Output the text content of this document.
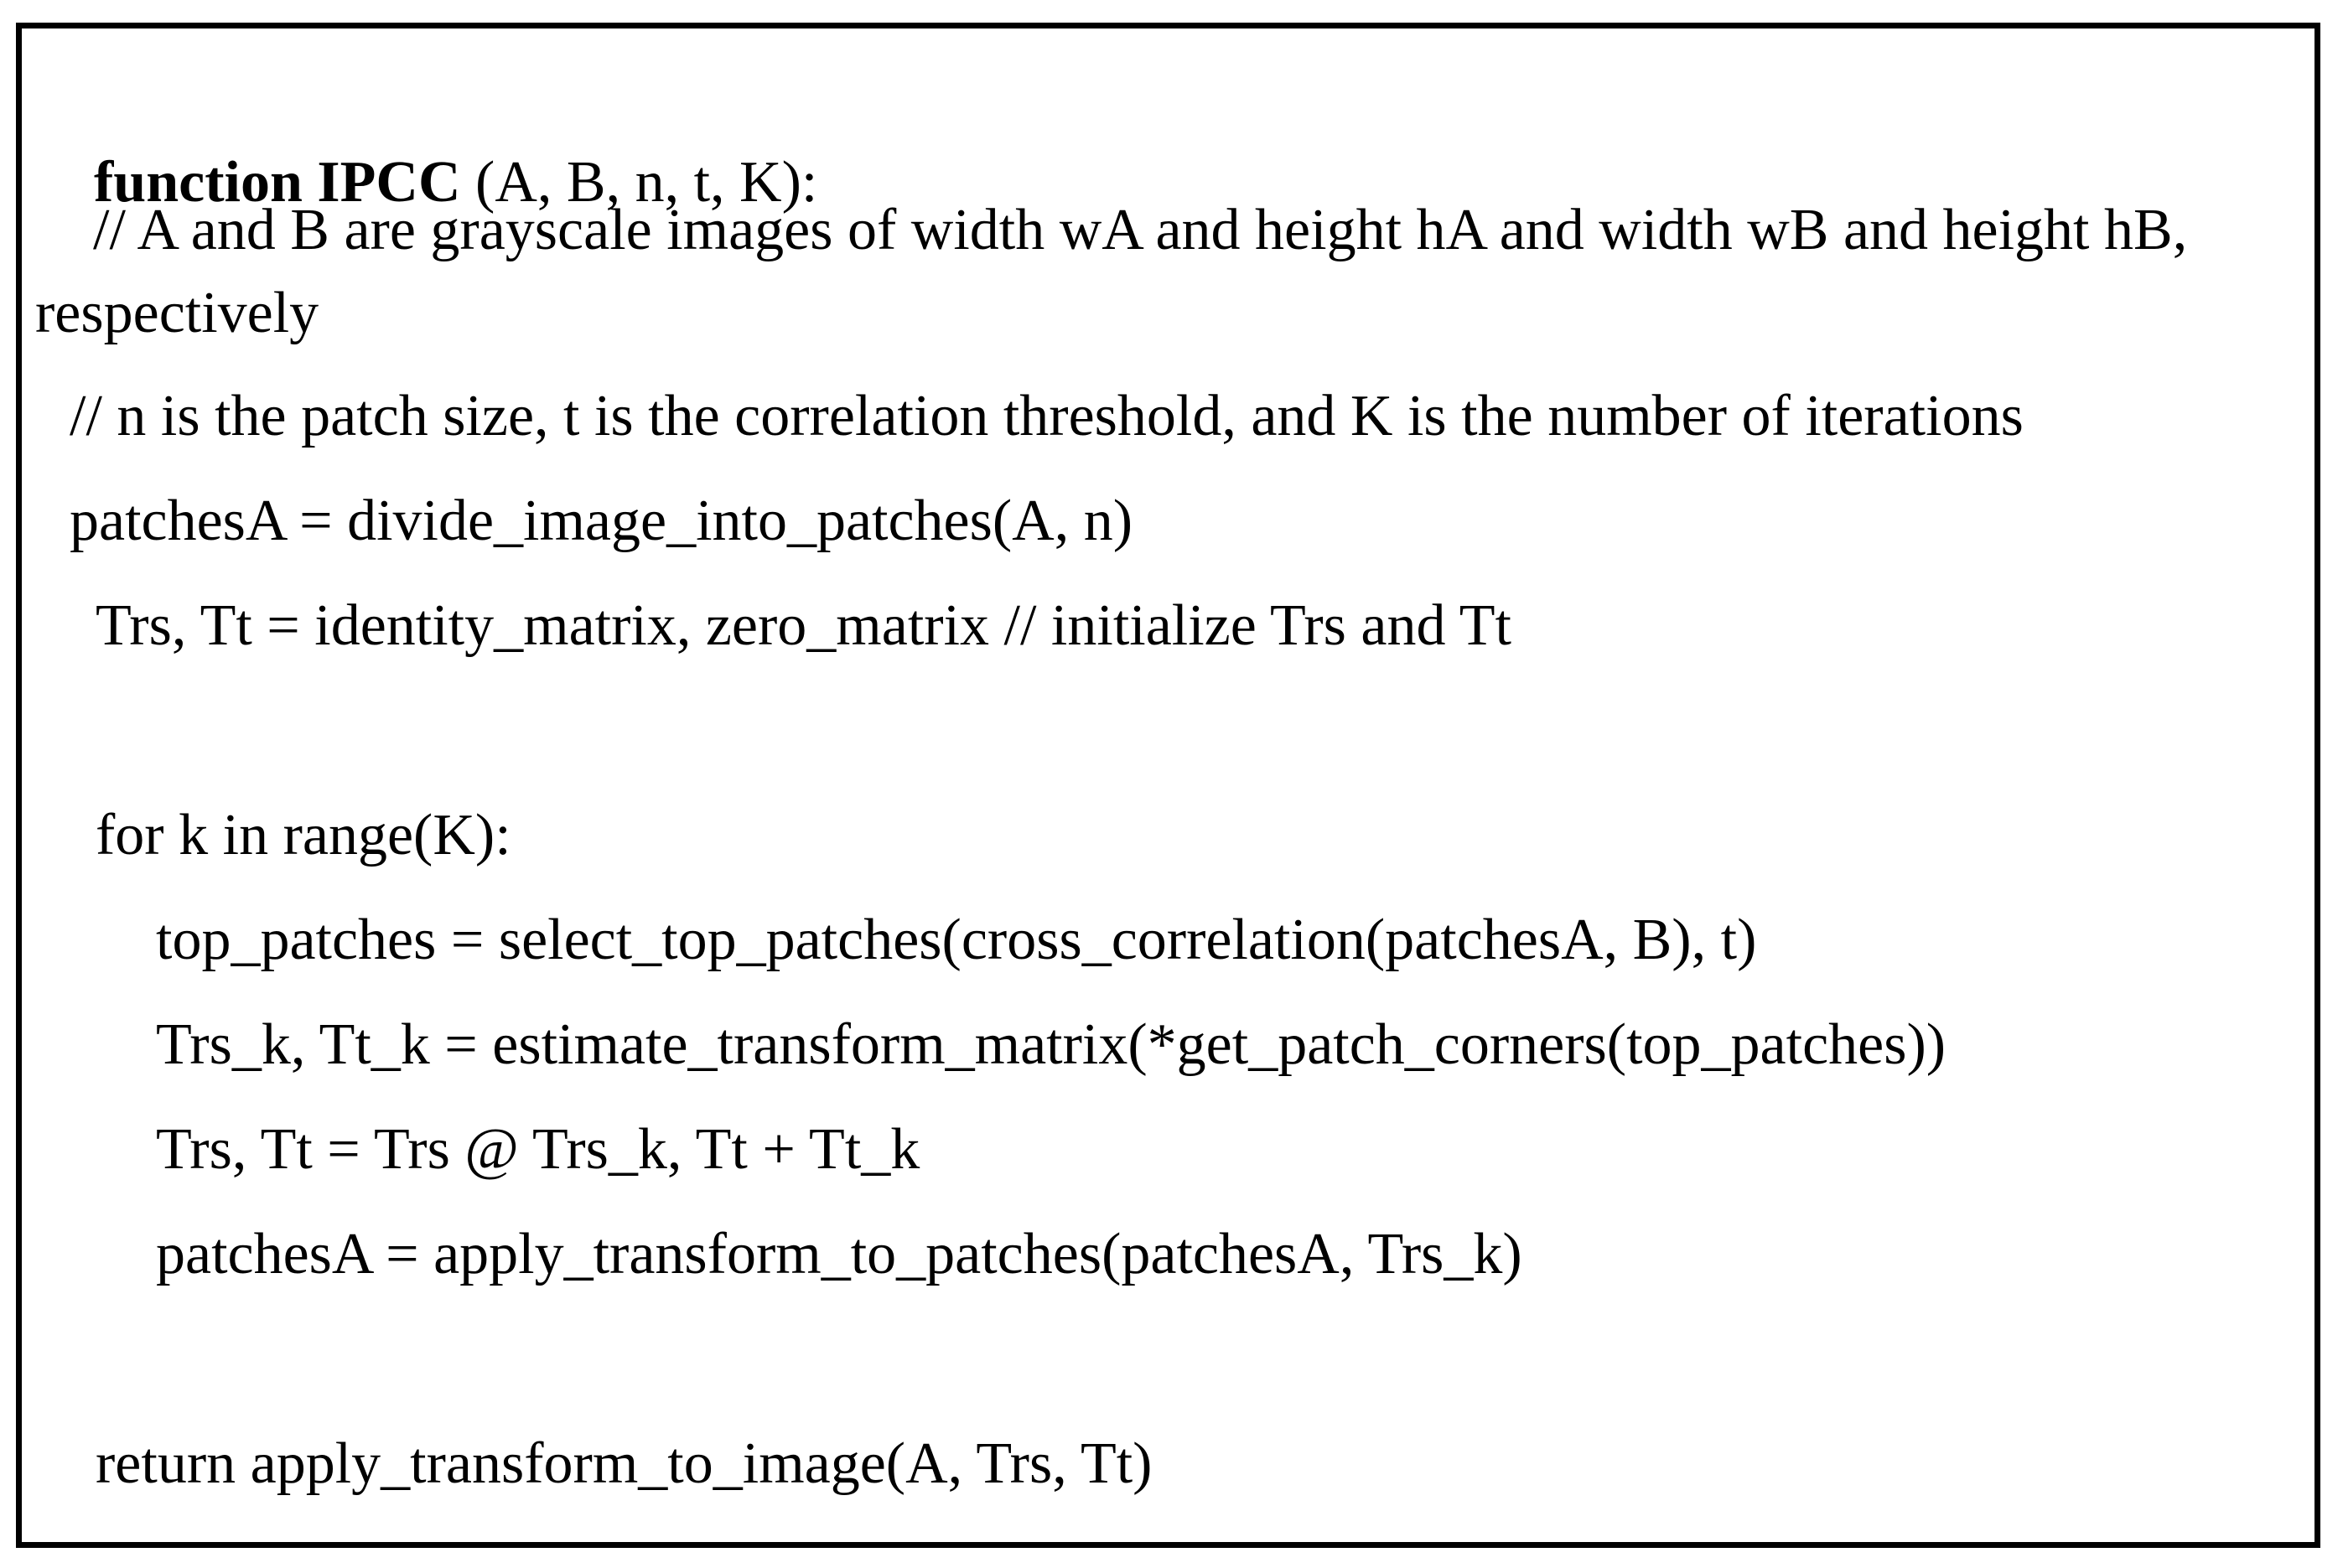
function IPCC (A, B, n, t, K):

// A and B are grayscale images of width wA and height hA and width wB and height hB,
respectively
// n is the patch size, t is the correlation threshold, and K is the number of iterations
patchesA = divide_image_into_patches(A, n)
Trs, Tt = identity_matrix, zero_matrix // initialize Trs and Tt
for k in range(K):
top_patches = select_top_patches(cross_correlation(patchesA, B), t)
Trs_k, Tt_k = estimate_transform_matrix(*get_patch_corners(top_patches))
Trs, Tt = Trs @ Trs_k, Tt + Tt_k
patchesA = apply_transform_to_patches(patchesA, Trs_k)
return apply_transform_to_image(A, Trs, Tt)
